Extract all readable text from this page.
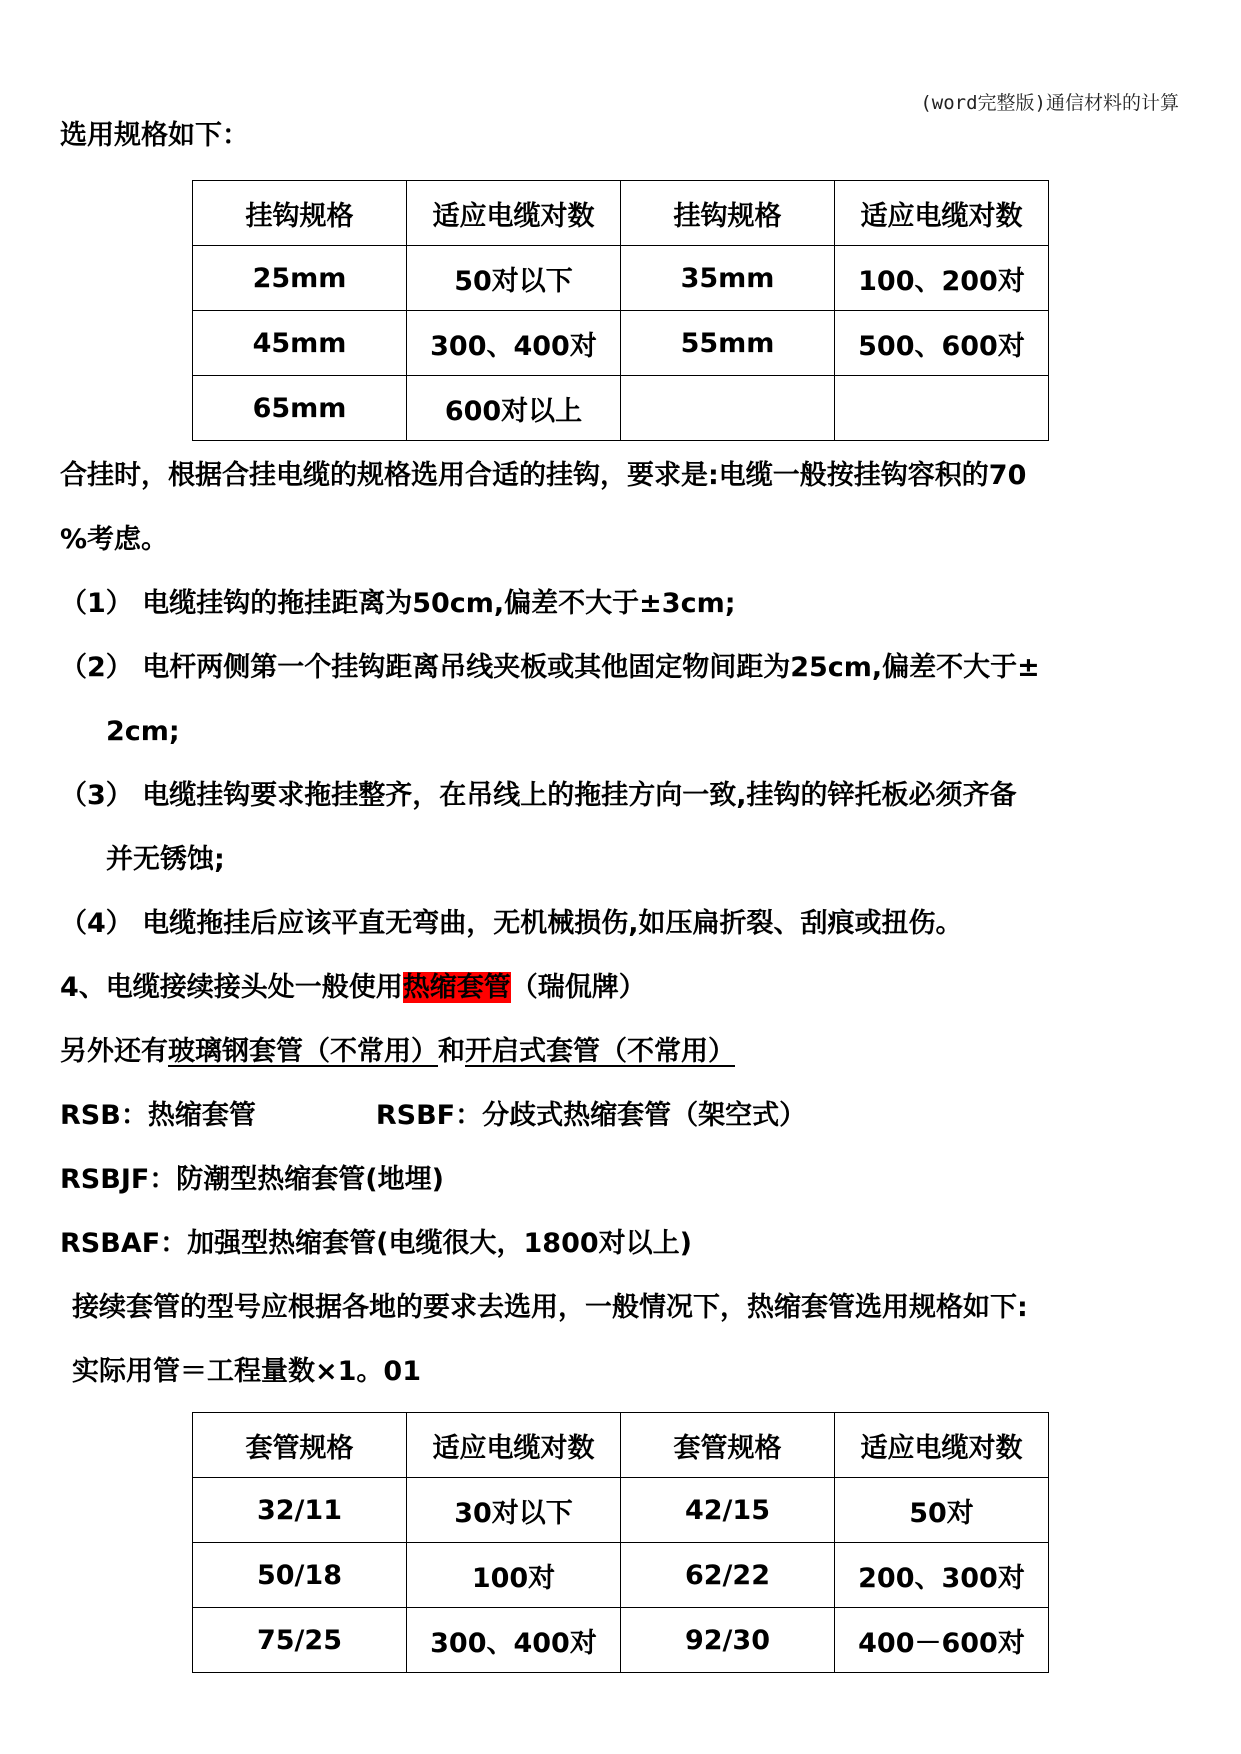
(word完整版)通信材料的计算
选用规格如下：
挂钩规格	适应电缆对数	挂钩规格	适应电缆对数
25mm	50对以下	35mm	100、200对
45mm	300、400对	55mm	500、600对
65mm	600对以上		
合挂时，根据合挂电缆的规格选用合适的挂钩，要求是:电缆一般按挂钩容积的70
%考虑。
（1） 电缆挂钩的拖挂距离为50cm,偏差不大于±3cm;
（2） 电杆两侧第一个挂钩距离吊线夹板或其他固定物间距为25cm,偏差不大于±
2cm;
（3） 电缆挂钩要求拖挂整齐，在吊线上的拖挂方向一致,挂钩的锌托板必须齐备
并无锈蚀;
（4） 电缆拖挂后应该平直无弯曲，无机械损伤,如压扁折裂、刮痕或扭伤。
4、电缆接续接头处一般使用热缩套管（瑞侃牌）
另外还有玻璃钢套管（不常用）和开启式套管（不常用）
RSB：热缩套管	RSBF：分歧式热缩套管（架空式）
RSBJF：防潮型热缩套管(地埋)
RSBAF：加强型热缩套管(电缆很大，1800对以上)
接续套管的型号应根据各地的要求去选用，一般情况下，热缩套管选用规格如下:
实际用管＝工程量数×1。01
套管规格	适应电缆对数	套管规格	适应电缆对数
32/11	30对以下	42/15	50对
50/18	100对	62/22	200、300对
75/25	300、400对	92/30	400－600对
